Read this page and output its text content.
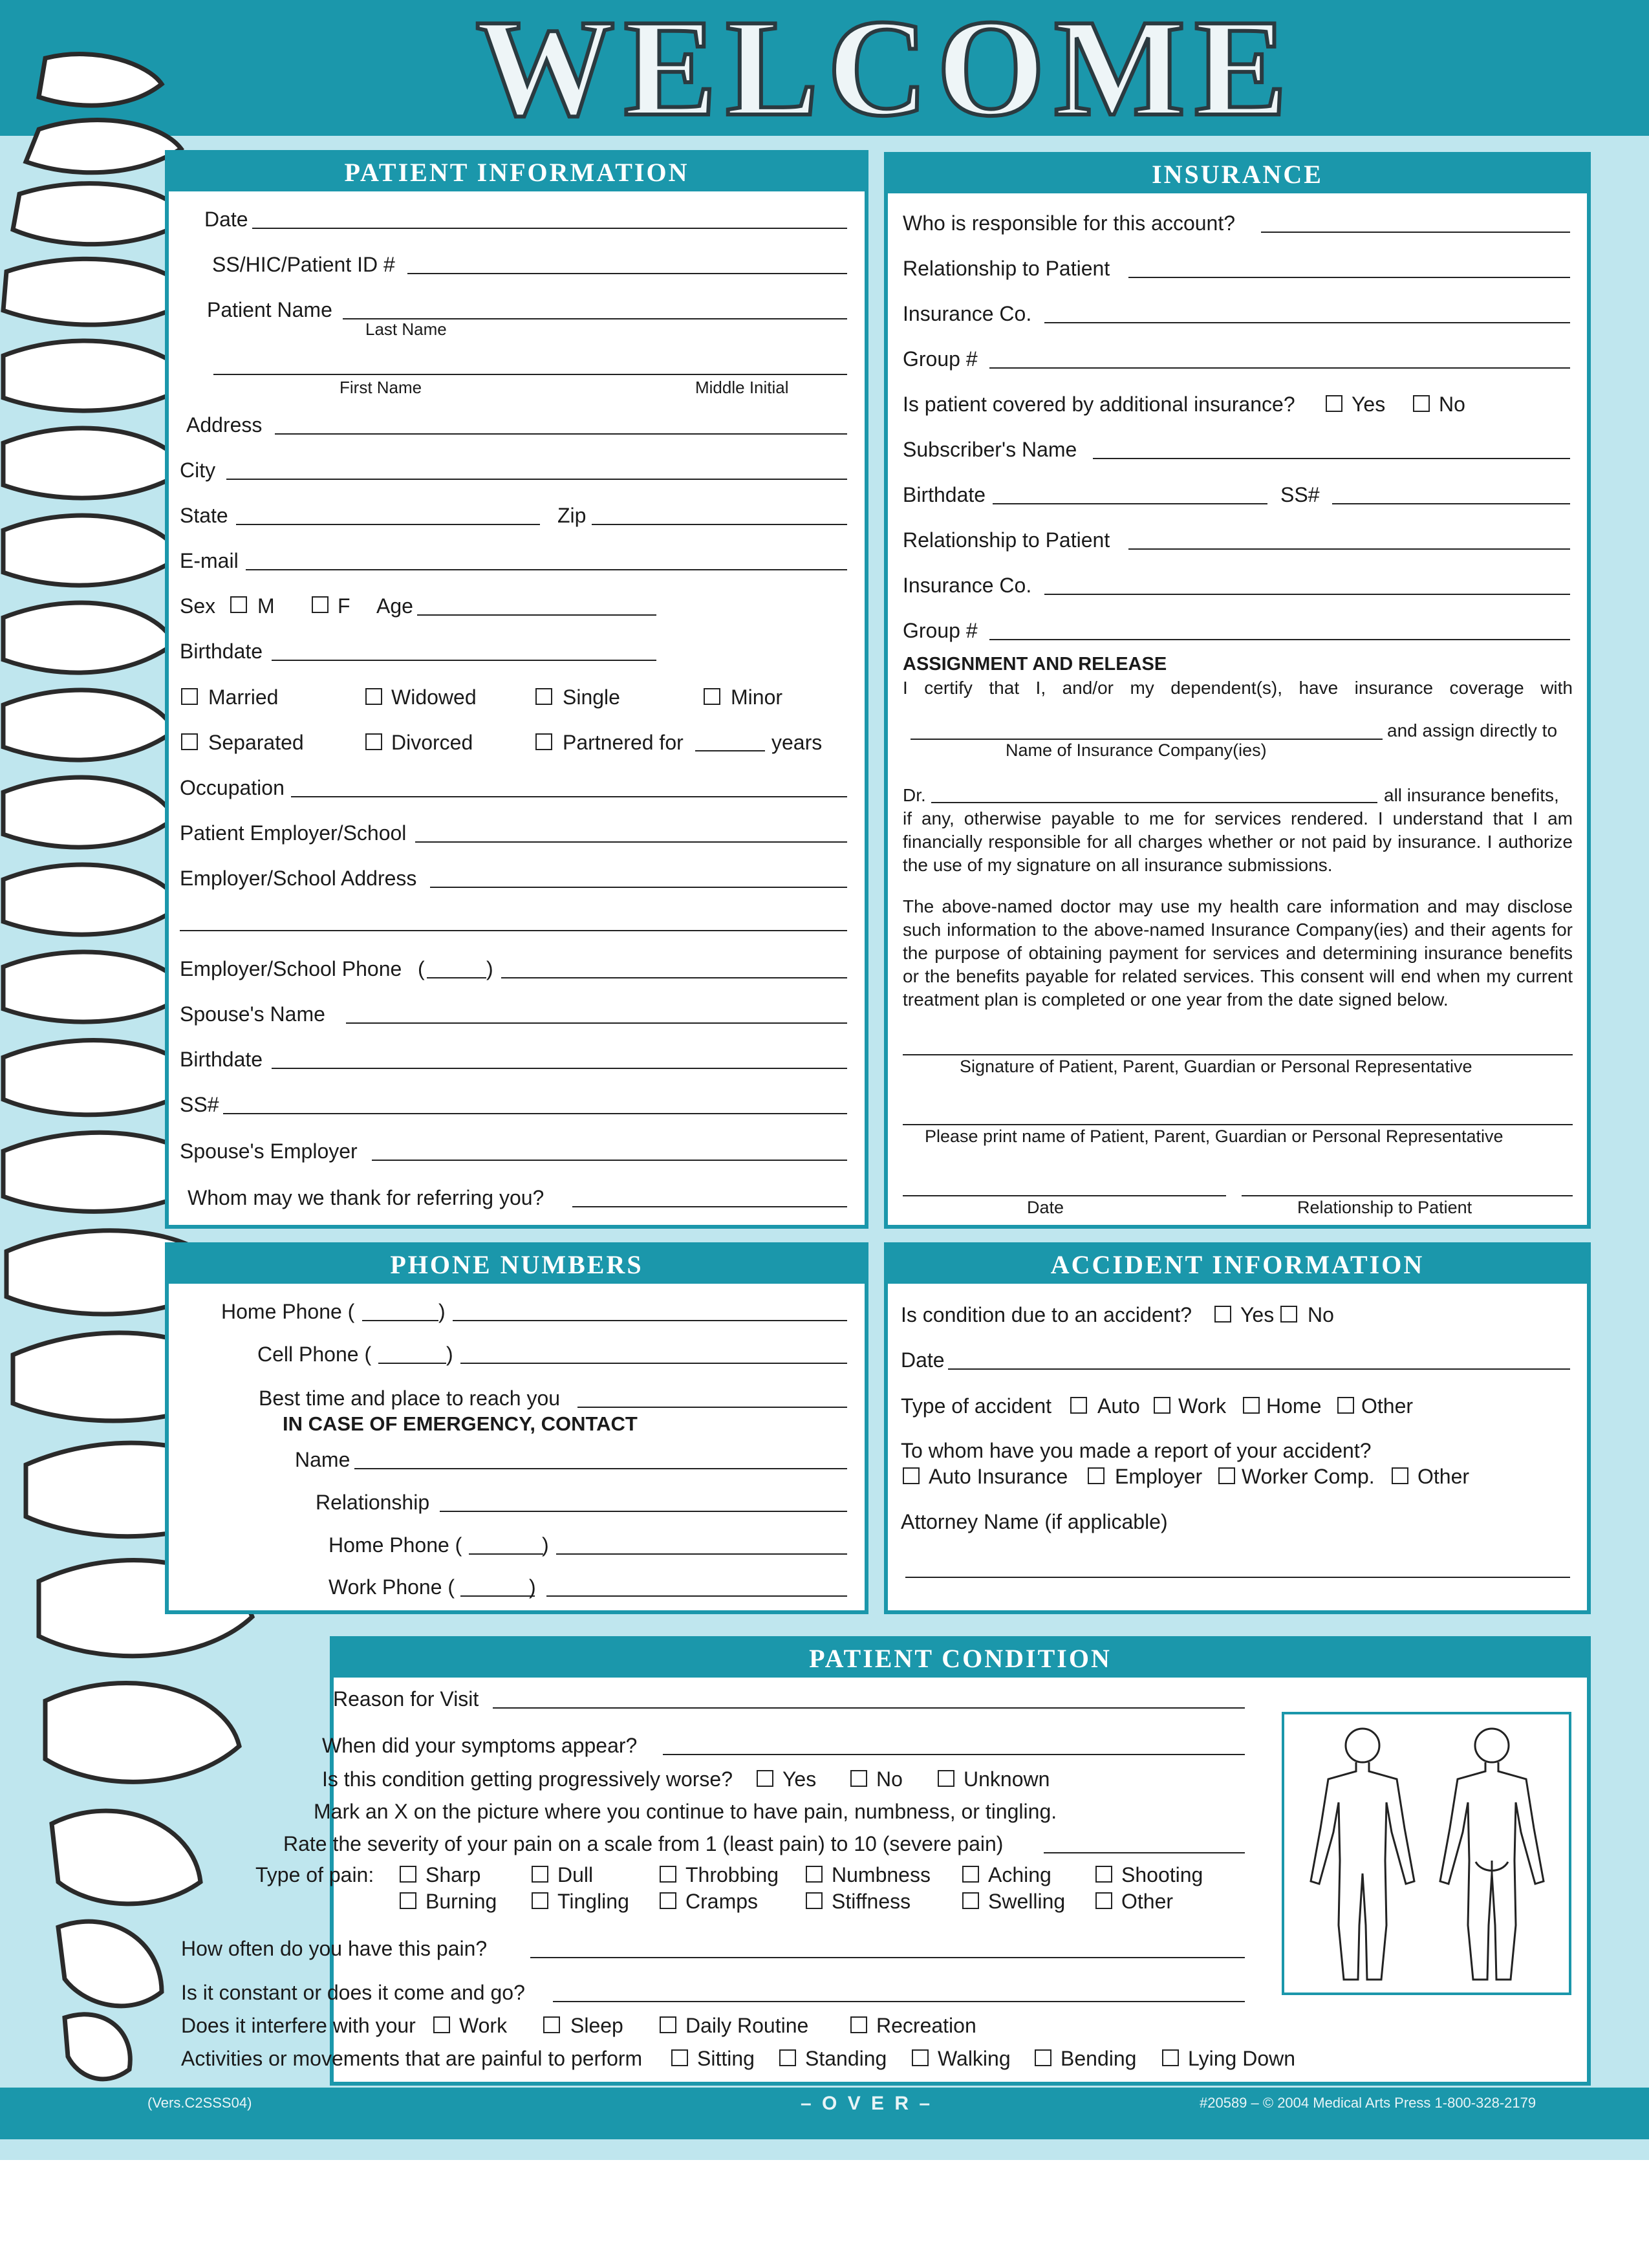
WELCOME
PATIENT INFORMATION
Date
SS/HIC/Patient ID #
Patient Name
Last Name
First Name	Middle Initial
Address
City
State	Zip
E-mail
Sex M	F Age
Birthdate
Married	Widowed	Single	Minor
Separated	Divorced	Partnered for	years
Occupation
Patient Employer/School
Employer/School Address
Employer/School Phone (	)
Spouse's Name
Birthdate
SS#
Spouse's Employer
Whom may we thank for referring you?
INSURANCE
Who is responsible for this account?
Relationship to Patient
Insurance Co.
Group #
Is patient covered by additional insurance?	Yes	No
Subscriber's Name
Birthdate	SS#
Relationship to Patient
Insurance Co.
Group #
ASSIGNMENT AND RELEASE
I certify that I, and/or my dependent(s), have insurance coverage with
and assign directly to
Name of Insurance Company(ies)
Dr.	all insurance benefits,
if any, otherwise payable to me for services rendered. I understand that I am financially responsible for all charges whether or not paid by insurance. I authorize the use of my signature on all insurance submissions.
The above-named doctor may use my health care information and may disclose such information to the above-named Insurance Company(ies) and their agents for the purpose of obtaining payment for services and determining insurance benefits or the benefits payable for related services. This consent will end when my current treatment plan is completed or one year from the date signed below.
Signature of Patient, Parent, Guardian or Personal Representative
Please print name of Patient, Parent, Guardian or Personal Representative
Date	Relationship to Patient
PHONE NUMBERS
Home Phone (	)
Cell Phone (	)
Best time and place to reach you
IN CASE OF EMERGENCY, CONTACT
Name
Relationship
Home Phone (	)
Work Phone (	)
ACCIDENT INFORMATION
Is condition due to an accident? Yes No
Date
Type of accident Auto Work Home Other
To whom have you made a report of your accident?
Auto Insurance Employer Worker Comp. Other
Attorney Name (if applicable)
PATIENT CONDITION
Reason for Visit
When did your symptoms appear?
Is this condition getting progressively worse? Yes	No	Unknown
Mark an X on the picture where you continue to have pain, numbness, or tingling.
Rate the severity of your pain on a scale from 1 (least pain) to 10 (severe pain)
Type of pain: Sharp	Dull	Throbbing	Numbness	Aching	Shooting
Burning	Tingling	Cramps	Stiffness	Swelling	Other
How often do you have this pain?
Is it constant or does it come and go?
Does it interfere with your Work	Sleep	Daily Routine	Recreation
Activities or movements that are painful to perform	Sitting Standing Walking Bending Lying Down
(Vers.C2SSS04)	– O V E R –	#20589 – © 2004 Medical Arts Press 1-800-328-2179
